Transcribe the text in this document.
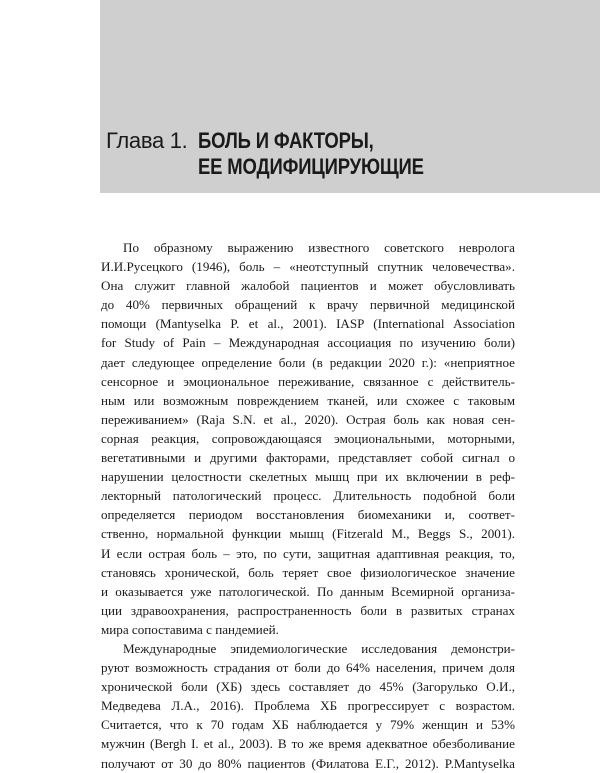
Глава 1. БОЛЬ И ФАКТОРЫ,
ЕЕ МОДИФИЦИРУЮЩИЕ
По образному выражению известного советского невролога
И.И.Русецкого (1946), боль – «неотступный спутник человечества».
Она служит главной жалобой пациентов и может обусловливать
до 40% первичных обращений к врачу первичной медицинской
помощи (Mantyselka P. et al., 2001). IASP (International Association
for Study of Pain – Международная ассоциация по изучению боли)
дает следующее определение боли (в редакции 2020 г.): «неприятное
сенсорное и эмоциональное переживание, связанное с действитель-
ным или возможным повреждением тканей, или схожее с таковым
переживанием» (Raja S.N. et al., 2020). Острая боль как новая сен-
сорная реакция, сопровождающаяся эмоциональными, моторными,
вегетативными и другими факторами, представляет собой сигнал о
нарушении целостности скелетных мышц при их включении в реф-
лекторный патологический процесс. Длительность подобной боли
определяется периодом восстановления биомеханики и, соответ-
ственно, нормальной функции мышц (Fitzerald M., Beggs S., 2001).
И если острая боль – это, по сути, защитная адаптивная реакция, то,
становясь хронической, боль теряет свое физиологическое значение
и оказывается уже патологической. По данным Всемирной организа-
ции здравоохранения, распространенность боли в развитых странах
мира сопоставима с пандемией.
Международные эпидемиологические исследования демонстри-
руют возможность страдания от боли до 64% населения, причем доля
хронической боли (ХБ) здесь составляет до 45% (Загорулько О.И.,
Медведева Л.А., 2016). Проблема ХБ прогрессирует с возрастом.
Считается, что к 70 годам ХБ наблюдается у 79% женщин и 53%
мужчин (Bergh I. et al., 2003). В то же время адекватное обезболивание
получают от 30 до 80% пациентов (Филатова Е.Г., 2012). P.Mantyselka
